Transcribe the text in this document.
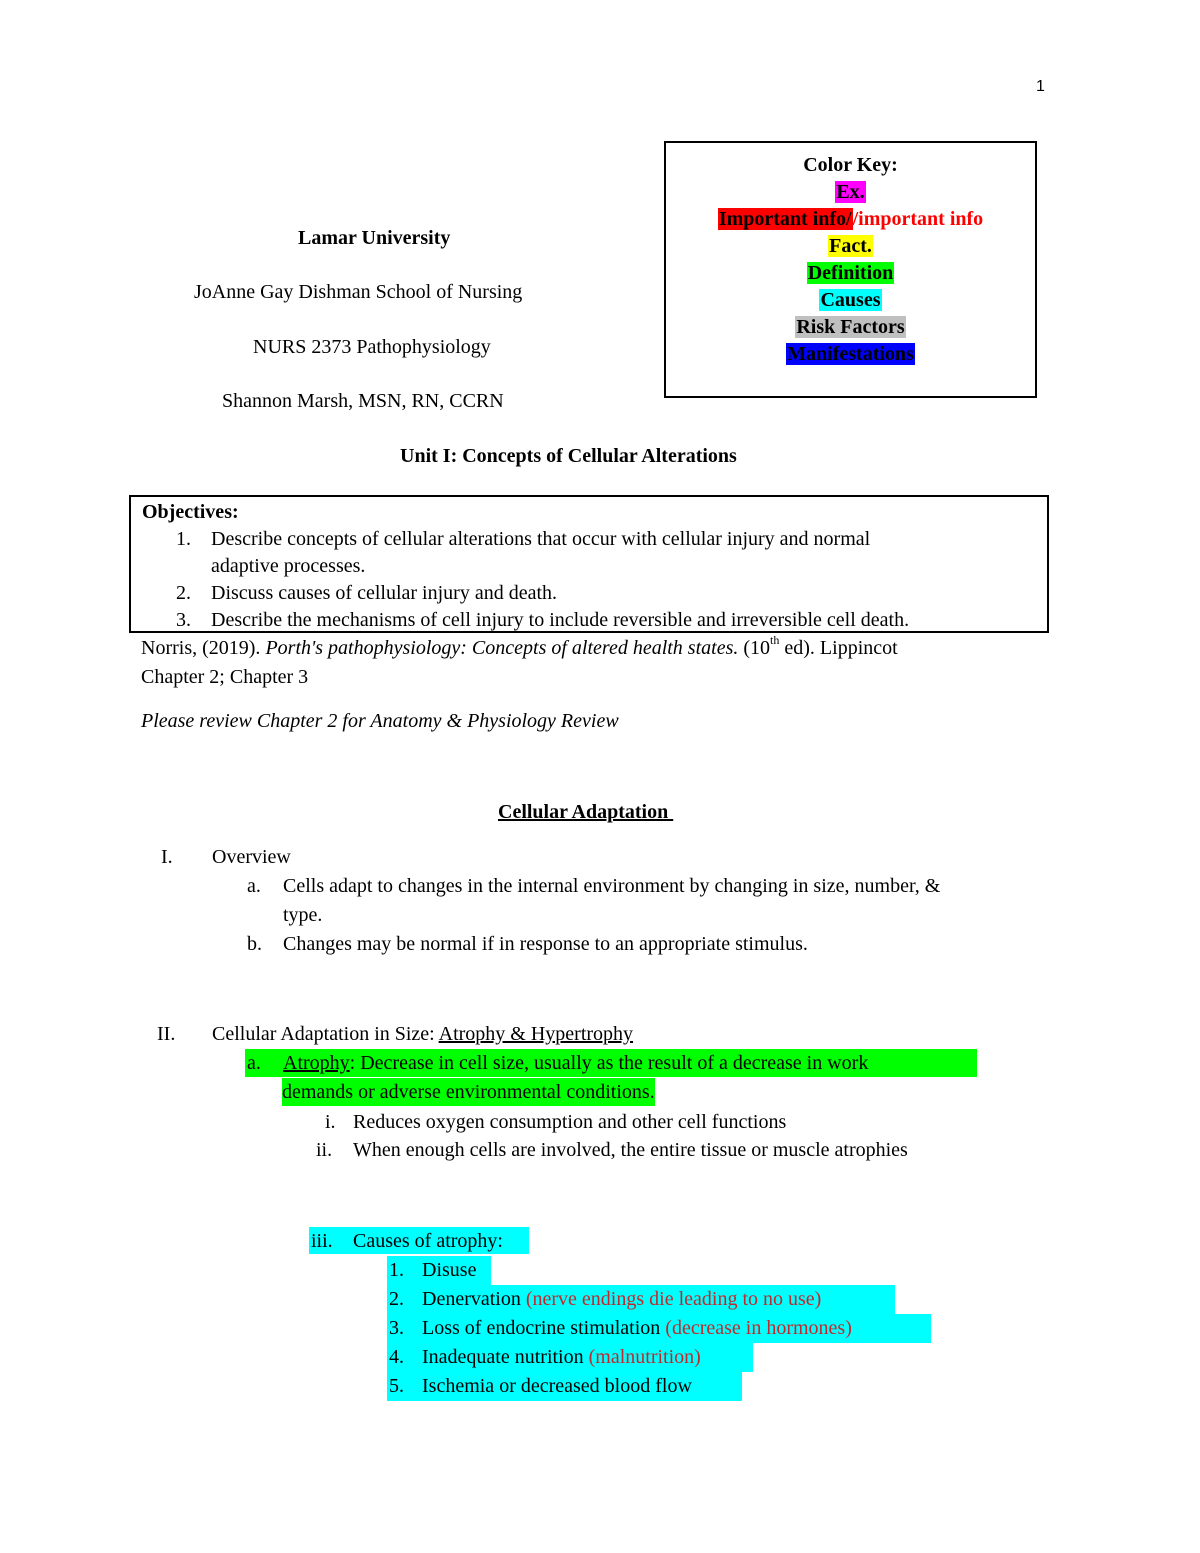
1
Lamar University
JoAnne Gay Dishman School of Nursing
NURS 2373 Pathophysiology
Shannon Marsh, MSN, RN, CCRN
Color Key:
Ex.
Important info//important info
Fact.
Definition
Causes
Risk Factors
Manifestations
Unit I: Concepts of Cellular Alterations
Objectives:
1. Describe concepts of cellular alterations that occur with cellular injury and normal
adaptive processes.
2. Discuss causes of cellular injury and death.
3. Describe the mechanisms of cell injury to include reversible and irreversible cell death.
Norris, (2019). Porth's pathophysiology: Concepts of altered health states. (10th ed). Lippincot
Chapter 2; Chapter 3
Please review Chapter 2 for Anatomy & Physiology Review
Cellular Adaptation
I. Overview
a. Cells adapt to changes in the internal environment by changing in size, number, &
type.
b. Changes may be normal if in response to an appropriate stimulus.
II. Cellular Adaptation in Size: Atrophy & Hypertrophy
a. Atrophy: Decrease in cell size, usually as the result of a decrease in work
demands or adverse environmental conditions.
i. Reduces oxygen consumption and other cell functions
ii. When enough cells are involved, the entire tissue or muscle atrophies
iii. Causes of atrophy:
1. Disuse
2. Denervation (nerve endings die leading to no use)
3. Loss of endocrine stimulation (decrease in hormones)
4. Inadequate nutrition (malnutrition)
5. Ischemia or decreased blood flow
